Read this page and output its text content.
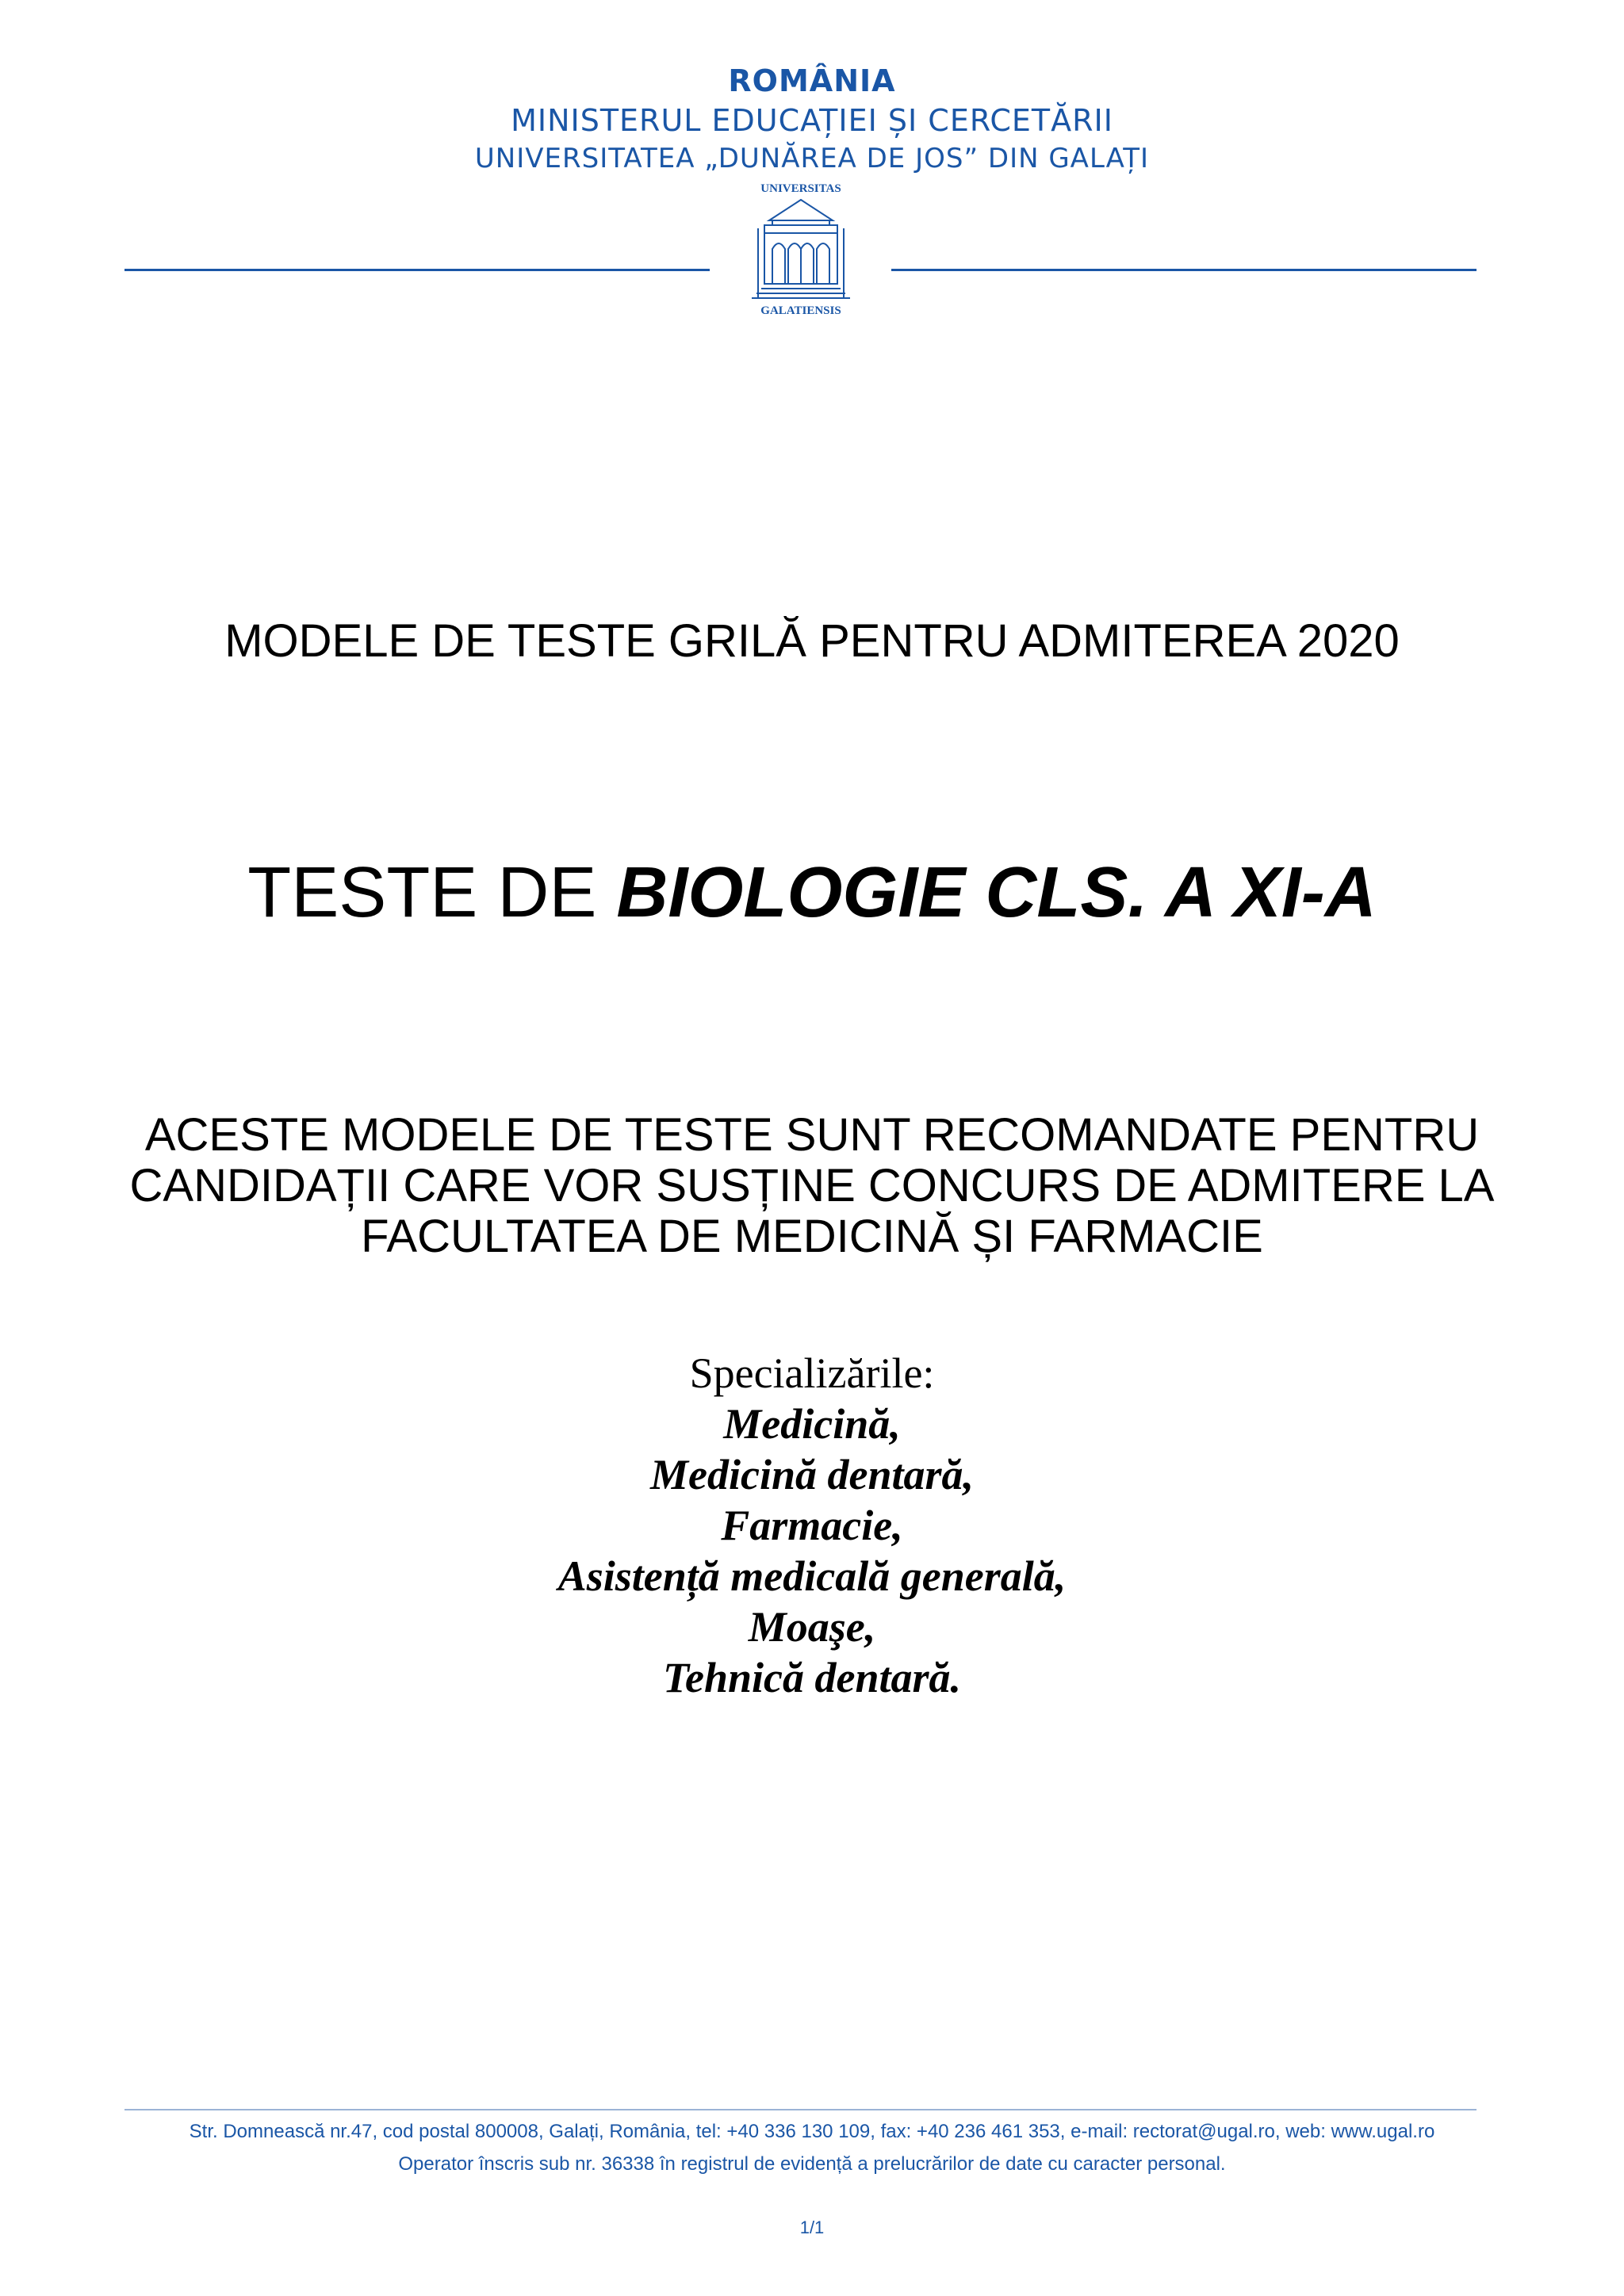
ROMÂNIA
MINISTERUL EDUCAȚIEI ȘI CERCETĂRII
UNIVERSITATEA „DUNĂREA DE JOS” DIN GALAȚI
UNIVERSITAS
GALATIENSIS
MODELE DE TESTE GRILĂ PENTRU ADMITEREA 2020
TESTE DE BIOLOGIE CLS. A XI-A
ACESTE MODELE DE TESTE SUNT RECOMANDATE PENTRU
CANDIDAȚII CARE VOR SUSȚINE CONCURS DE ADMITERE LA
FACULTATEA DE MEDICINĂ ȘI FARMACIE
Specializările:
Medicină,
Medicină dentară,
Farmacie,
Asistență medicală generală,
Moaşe,
Tehnică dentară.
Str. Domnească nr.47, cod postal 800008, Galați, România, tel: +40 336 130 109, fax: +40 236 461 353, e-mail: rectorat@ugal.ro, web: www.ugal.ro
Operator înscris sub nr. 36338 în registrul de evidență a prelucrărilor de date cu caracter personal.
1/1
